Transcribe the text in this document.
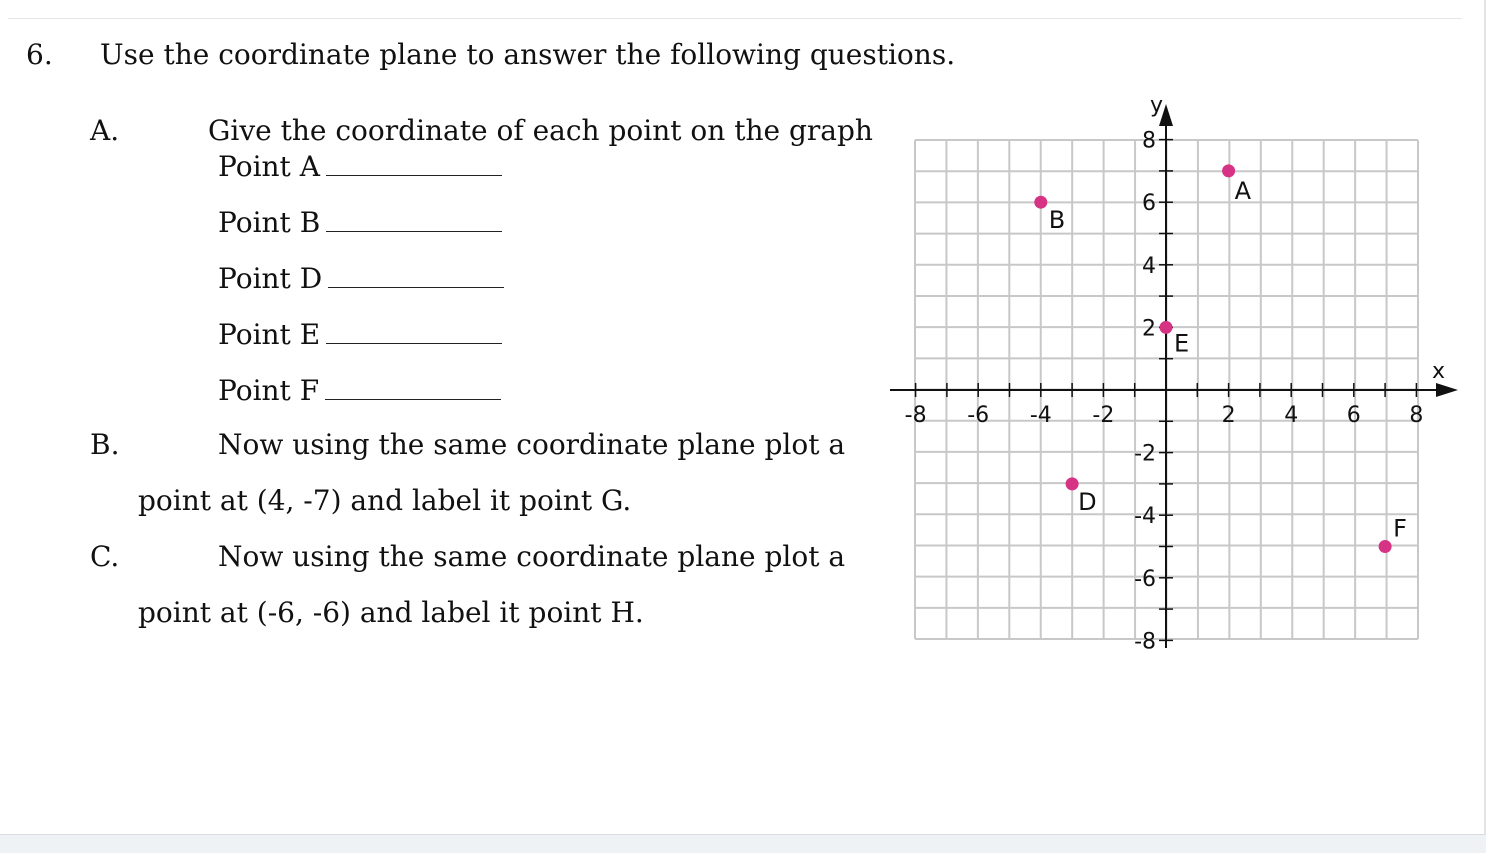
6. Use the coordinate plane to answer the following questions.
A.	Give the coordinate of each point on the graph
Point A
Point B
Point D
Point E
Point F
B.	Now using the same coordinate plane plot a
point at (4, -7) and label it point G.
C.	Now using the same coordinate plane plot a
point at (-6, -6) and label it point H.
x
y
-8 -6 -4 -2	2 4 6 8
8
6
4
2
-2
-4
-6
-8
A
B
D
E
F
